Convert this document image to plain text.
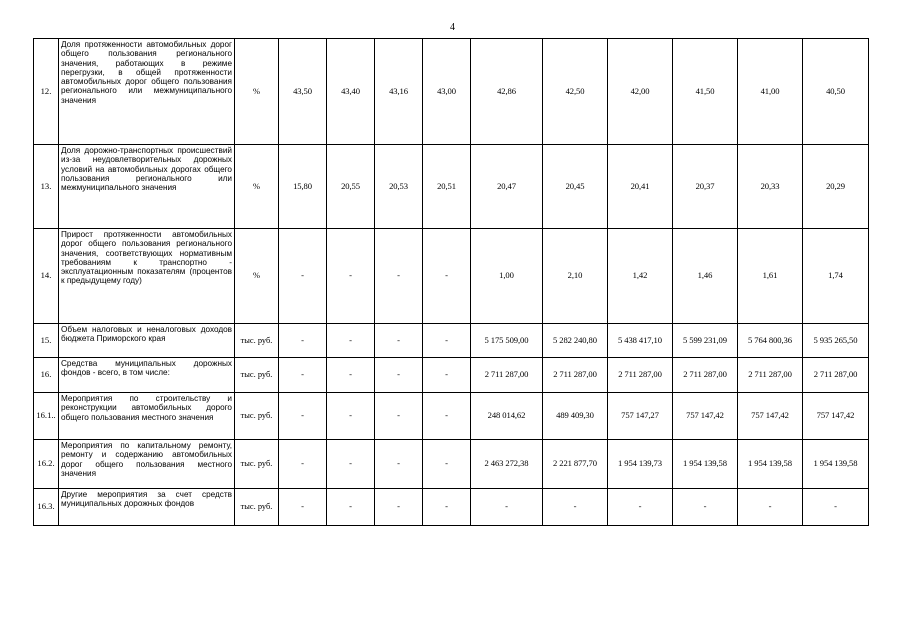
4
12.	Доля протяженности автомобильных дорог общего пользования регионального значения, работающих в режиме перегрузки, в общей протяженности автомобильных дорог общего пользования регионального или межмуниципального значения	%	43,50	43,40	43,16	43,00	42,86	42,50	42,00	41,50	41,00	40,50
13.	Доля дорожно-транспортных происшествий из-за неудовлетворительных дорожных условий на автомобильных дорогах общего пользования регионального или межмуниципального значения	%	15,80	20,55	20,53	20,51	20,47	20,45	20,41	20,37	20,33	20,29
14.	Прирост протяженности автомобильных дорог общего пользования регионального значения, соответствующих нормативным требованиям к транспортно - эксплуатационным показателям (процентов к предыдущему году)	%	-	-	-	-	1,00	2,10	1,42	1,46	1,61	1,74
15.	Объем налоговых и неналоговых доходов бюджета Приморского края	тыс. руб.	-	-	-	-	5 175 509,00	5 282 240,80	5 438 417,10	5 599 231,09	5 764 800,36	5 935 265,50
16.	Средства муниципальных дорожных фондов - всего, в том числе:	тыс. руб.	-	-	-	-	2 711 287,00	2 711 287,00	2 711 287,00	2 711 287,00	2 711 287,00	2 711 287,00
16.1..	Мероприятия по строительству и реконструкции автомобильных дорого общего пользования местного значения	тыс. руб.	-	-	-	-	248 014,62	489 409,30	757 147,27	757 147,42	757 147,42	757 147,42
16.2.	Мероприятия по капитальному ремонту, ремонту и содержанию автомобильных дорог общего пользования местного значения	тыс. руб.	-	-	-	-	2 463 272,38	2 221 877,70	1 954 139,73	1 954 139,58	1 954 139,58	1 954 139,58
16.3.	Другие мероприятия за счет средств муниципальных дорожных фондов	тыс. руб.	-	-	-	-	-	-	-	-	-	-
